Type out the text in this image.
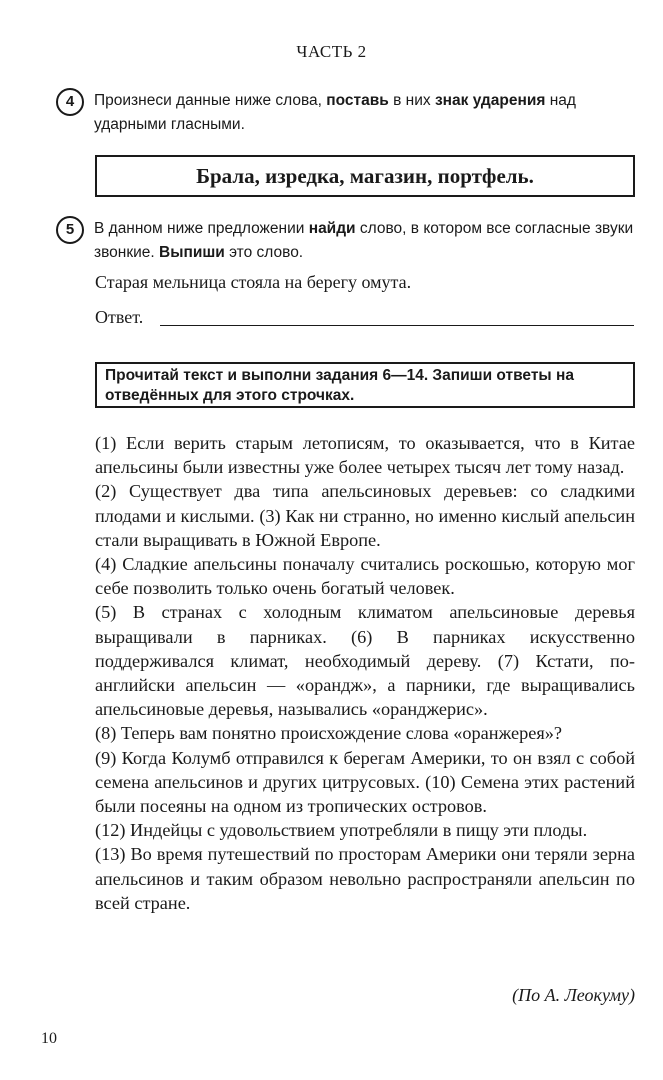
ЧАСТЬ 2
4	Произнеси данные ниже слова, поставь в них знак ударения над ударными гласными.
Брала, изредка, магазин, портфель.
5	В данном ниже предложении найди слово, в котором все согласные звуки звонкие. Выпиши это слово.
Старая мельница стояла на берегу омута.
Ответ.
Прочитай текст и выполни задания 6—14. Запиши ответы на отведённых для этого строчках.

(1) Если верить старым летописям, то оказывается, что в Китае апельсины были известны уже более четырех тысяч лет тому назад.

(2) Существует два типа апельсиновых деревьев: со сладкими плодами и кислыми. (3) Как ни странно, но именно кислый апельсин стали выращивать в Южной Европе.

(4) Сладкие апельсины поначалу считались роскошью, которую мог себе позволить только очень богатый человек.

(5) В странах с холодным климатом апельсиновые деревья выращивали в парниках. (6) В парниках искусственно поддерживался климат, необходимый дереву. (7) Кстати, по-английски апельсин — «орандж», а парники, где выращивались апельсиновые деревья, назывались «оранджерис».

(8) Теперь вам понятно происхождение слова «оранжерея»?

(9) Когда Колумб отправился к берегам Америки, то он взял с собой семена апельсинов и других цитрусовых. (10) Семена этих растений были посеяны на одном из тропических островов.

(12) Индейцы с удовольствием употребляли в пищу эти плоды.

(13) Во время путешествий по просторам Америки они теряли зерна апельсинов и таким образом невольно распространяли апельсин по всей стране.

(По А. Леокуму)
10
